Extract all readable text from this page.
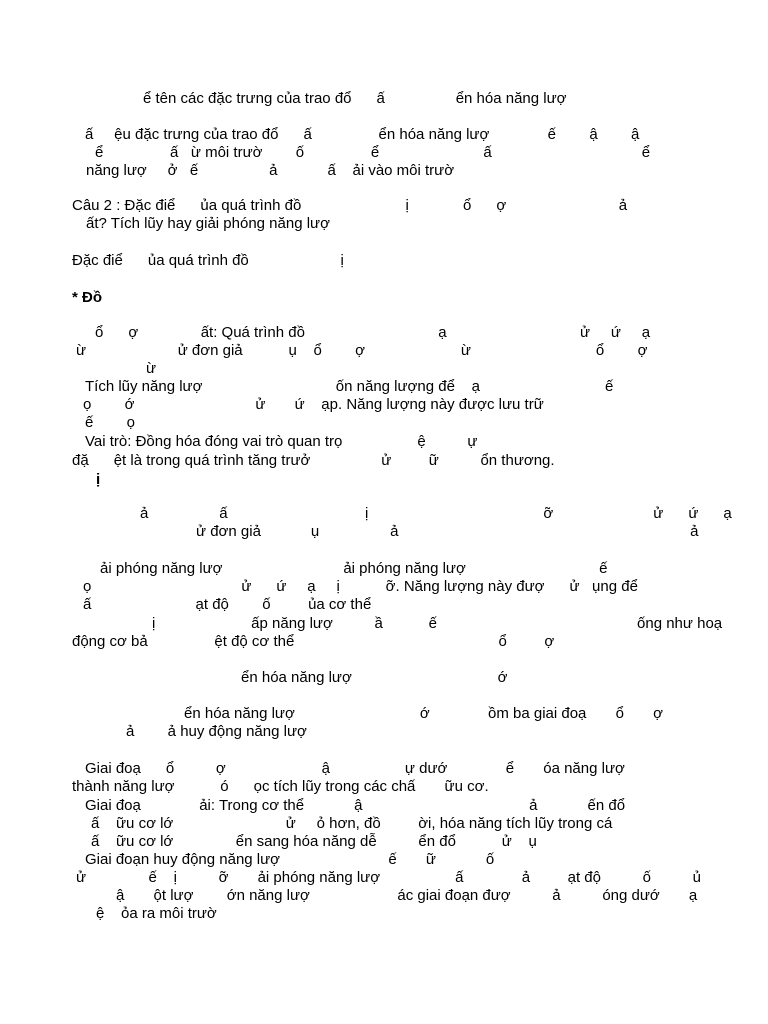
ể tên các đặc trưng của trao đổ      ấ                 ển hóa năng lượ
ấ     ệu đặc trưng của trao đổ      ấ                ển hóa năng lượ              ế        ậ        ậ
ể                ấ   ừ môi trườ        ố                ể                         ấ                                    ể
năng lượ     ở   ế                 ả            ấ    ải vào môi trườ
Câu 2 : Đặc điể      ủa quá trình đồ                         ị             ổ      ợ                           ả
ất? Tích lũy hay giải phóng năng lượ
Đặc điể      ủa quá trình đồ                      ị
* Đồ
ổ      ợ               ất: Quá trình đồ                                ạ                                ử     ứ     ạ
ừ                      ử đơn giả           ụ    ổ        ợ                       ừ                              ổ        ợ
ừ
Tích lũy năng lượ                                ốn năng lượng để    ạ                              ế
ọ        ớ                             ử       ứ    ạp. Năng lượng này được lưu trữ
ế        ọ
Vai trò: Đồng hóa đóng vai trò quan trọ                  ệ          ự
đặ      ệt là trong quá trình tăng trưở                 ử         ữ          ổn thương.
ị
ả                 ấ                                 ị                                          ỡ                        ử      ứ      ạ
ử đơn giả            ụ                 ả                                                                      ả
ải phóng năng lượ                             ải phóng năng lượ                                ế
ọ                                    ử      ứ     ạ     ị           ỡ. Năng lượng này đượ      ử   ụng để
ấ                         ạt độ        ố         ủa cơ thể
ị                       ấp năng lượ          ầ           ế                                                ống như hoạ
động cơ bả                ệt độ cơ thể                                                 ổ         ợ
ển hóa năng lượ                                   ớ
ển hóa năng lượ                              ớ              ồm ba giai đoạ       ổ       ợ
ả        ả huy động năng lượ
Giai đoạ      ổ          ợ                       ậ                  ự dướ              ể       óa năng lượ
thành năng lượ           ó      ọc tích lũy trong các chấ       ữu cơ.
Giai đoạ              ải: Trong cơ thể            ậ                                        ả            ến đổ
ấ    ữu cơ lớ                           ử     ỏ hơn, đồ         ời, hóa năng tích lũy trong cá
ấ    ữu cơ lớ               ển sang hóa năng dễ          ển đổ           ử    ụ
Giai đoạn huy động năng lượ                          ế       ữ            ố
ử               ế    ị          ỡ       ải phóng năng lượ                  ấ              ả         ạt độ          ố          ủ
ậ       ột lượ        ớn năng lượ                     ác giai đoạn đượ          ả          óng dướ       ạ
ệ    ỏa ra môi trườ
